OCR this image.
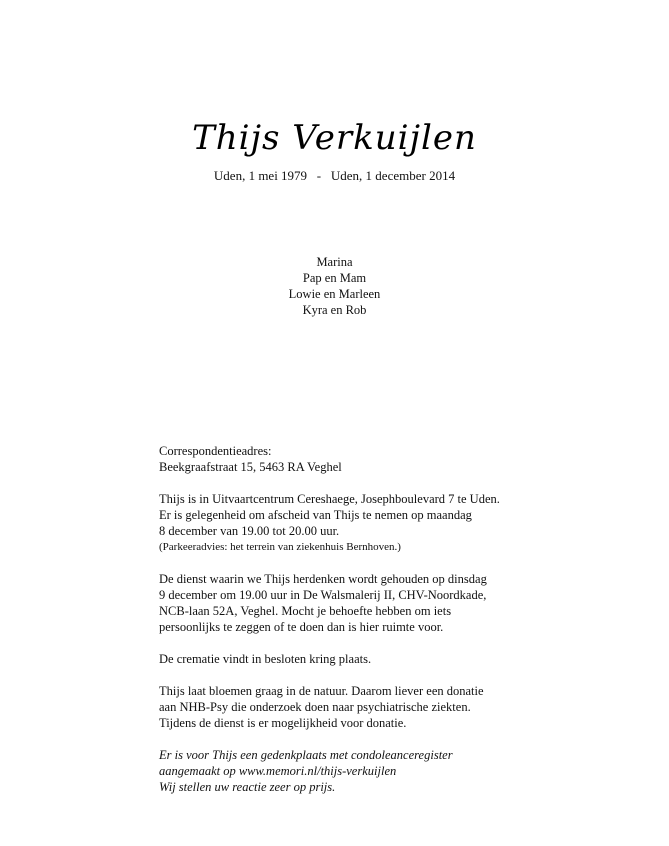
Thijs Verkuijlen
Uden, 1 mei 1979   -   Uden, 1 december 2014
Marina
Pap en Mam
Lowie en Marleen
Kyra en Rob
Correspondentieadres:
Beekgraafstraat 15, 5463 RA Veghel
Thijs is in Uitvaartcentrum Cereshaege, Josephboulevard 7 te Uden.
Er is gelegenheid om afscheid van Thijs te nemen op maandag
8 december van 19.00 tot 20.00 uur.
(Parkeeradvies: het terrein van ziekenhuis Bernhoven.)
De dienst waarin we Thijs herdenken wordt gehouden op dinsdag
9 december om 19.00 uur in De Walsmalerij II, CHV-Noordkade,
NCB-laan 52A, Veghel. Mocht je behoefte hebben om iets
persoonlijks te zeggen of te doen dan is hier ruimte voor.
De crematie vindt in besloten kring plaats.
Thijs laat bloemen graag in de natuur. Daarom liever een donatie
aan NHB-Psy die onderzoek doen naar psychiatrische ziekten.
Tijdens de dienst is er mogelijkheid voor donatie.
Er is voor Thijs een gedenkplaats met condoleanceregister
aangemaakt op www.memori.nl/thijs-verkuijlen
Wij stellen uw reactie zeer op prijs.
